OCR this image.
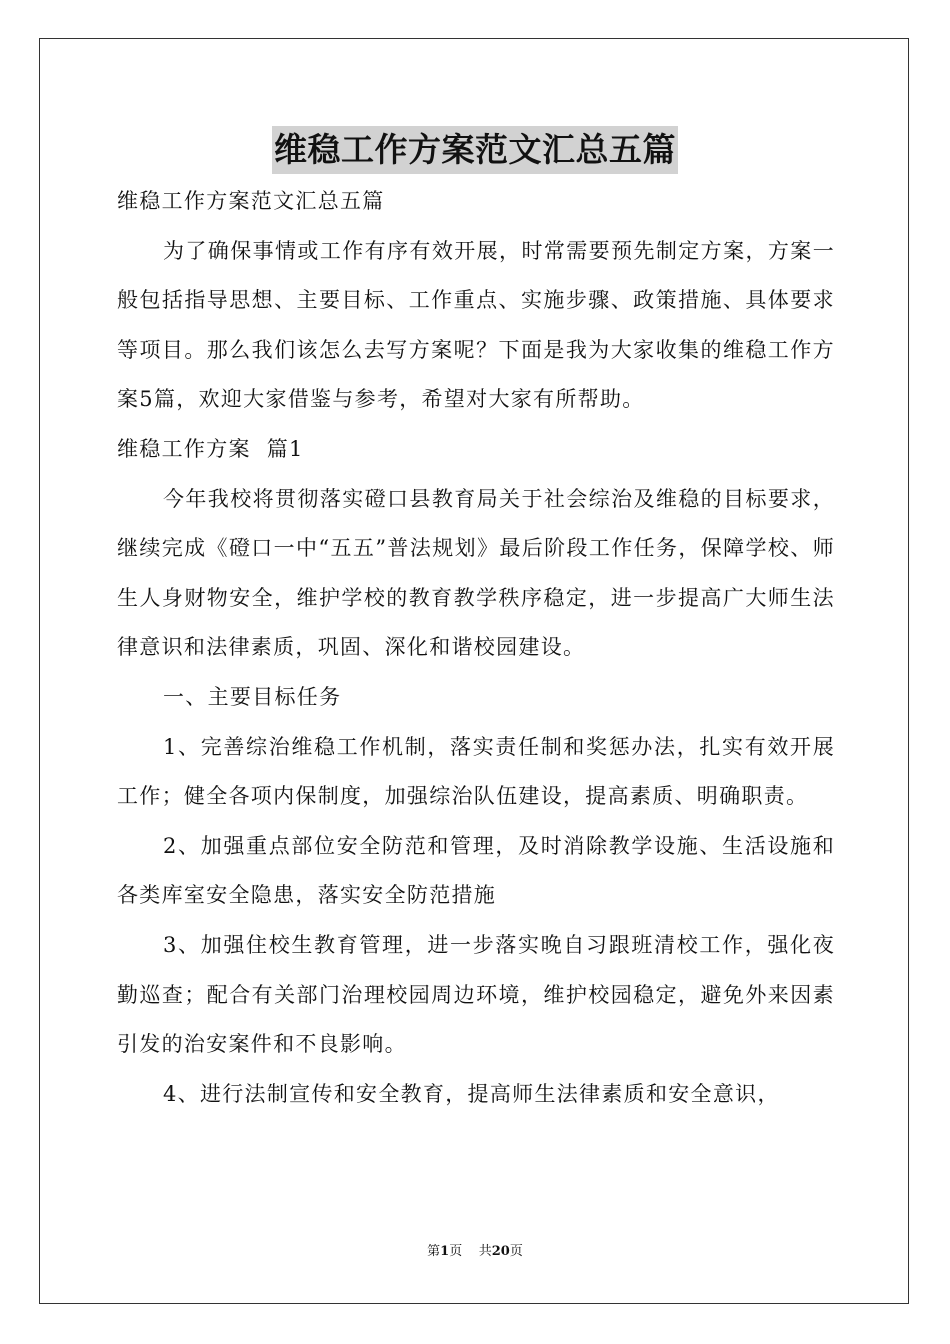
维稳工作方案范文汇总五篇

维稳工作方案范文汇总五篇

为了确保事情或工作有序有效开展，时常需要预先制定方案，方案一般包括指导思想、主要目标、工作重点、实施步骤、政策措施、具体要求等项目。那么我们该怎么去写方案呢？下面是我为大家收集的维稳工作方案5篇，欢迎大家借鉴与参考，希望对大家有所帮助。

维稳工作方案  篇1

今年我校将贯彻落实磴口县教育局关于社会综治及维稳的目标要求，继续完成《磴口一中“五五”普法规划》最后阶段工作任务，保障学校、师生人身财物安全，维护学校的教育教学秩序稳定，进一步提高广大师生法律意识和法律素质，巩固、深化和谐校园建设。

一、主要目标任务

1、完善综治维稳工作机制，落实责任制和奖惩办法，扎实有效开展工作；健全各项内保制度，加强综治队伍建设，提高素质、明确职责。

2、加强重点部位安全防范和管理，及时消除教学设施、生活设施和各类库室安全隐患，落实安全防范措施

3、加强住校生教育管理，进一步落实晚自习跟班清校工作，强化夜勤巡查；配合有关部门治理校园周边环境，维护校园稳定，避免外来因素引发的治安案件和不良影响。

4、进行法制宣传和安全教育，提高师生法律素质和安全意识，

第1页    共20页
